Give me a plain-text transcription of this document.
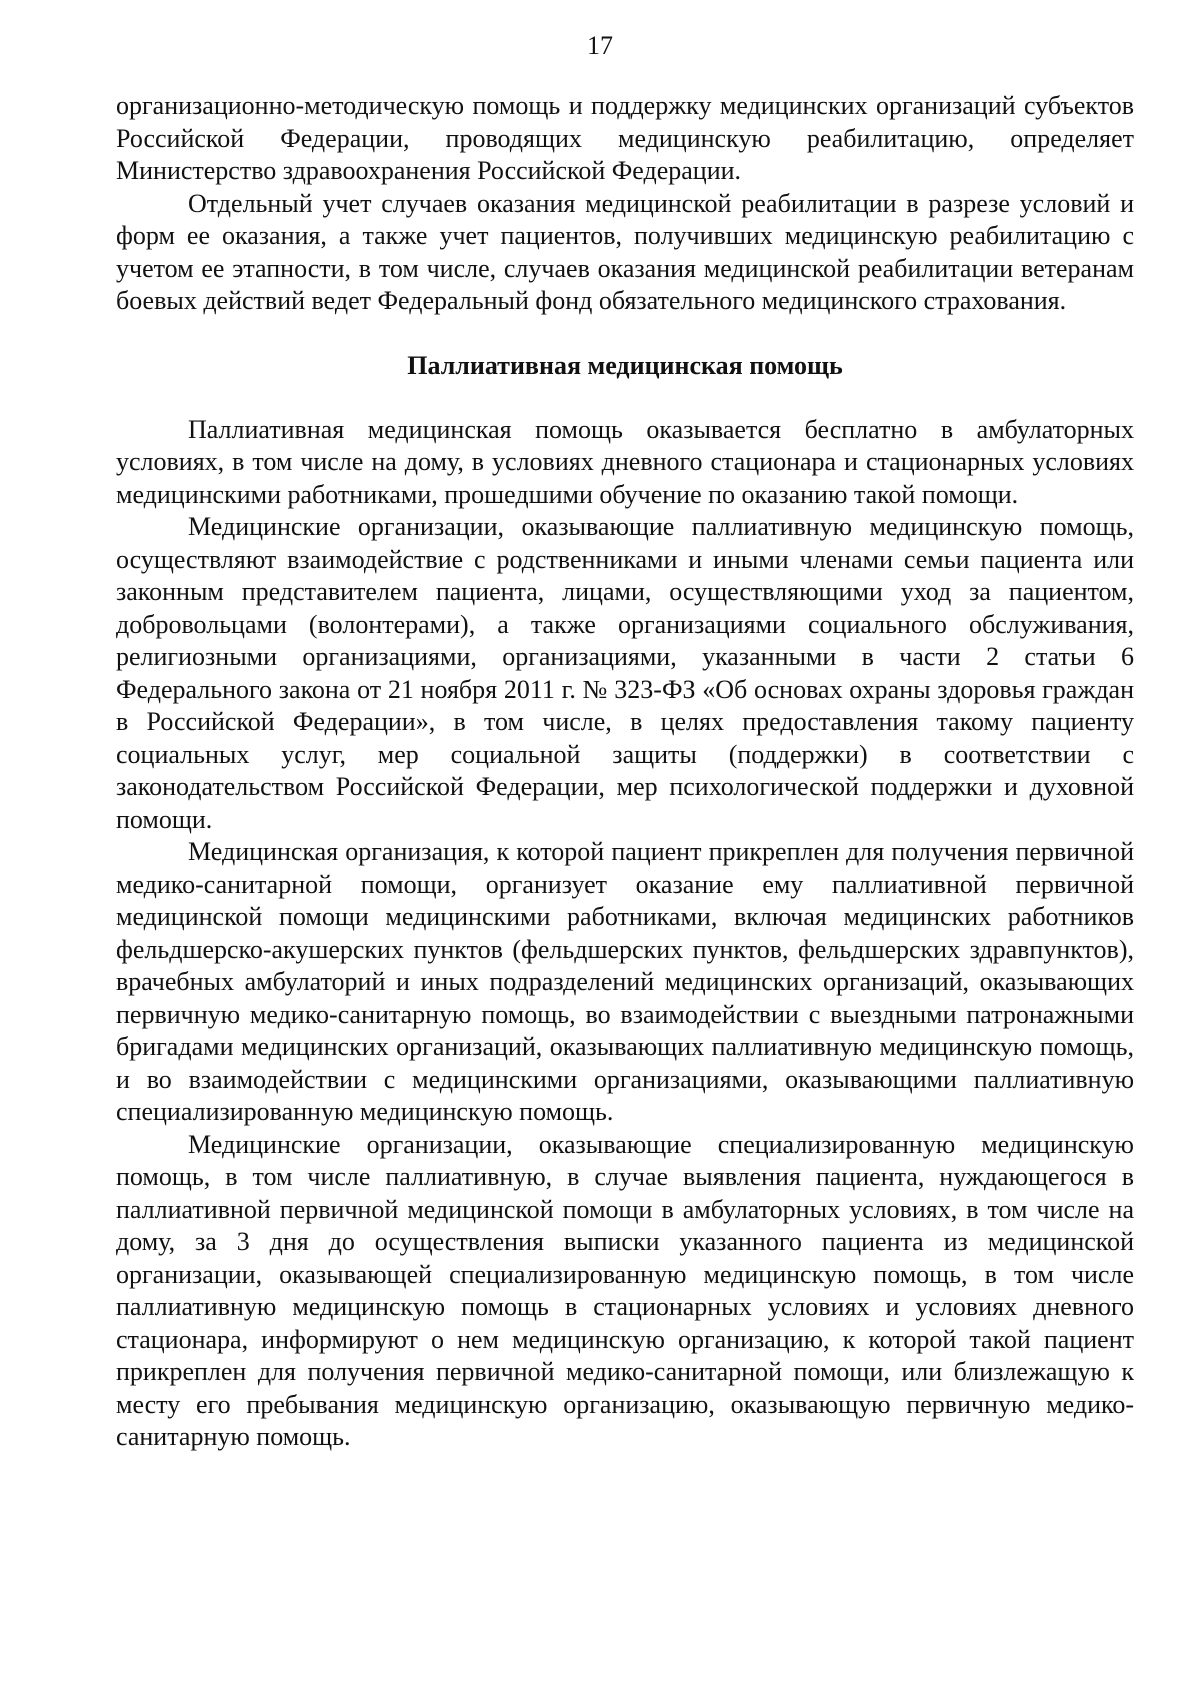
17

организационно-методическую помощь и поддержку медицинских организаций субъектов Российской Федерации, проводящих медицинскую реабилитацию, определяет Министерство здравоохранения Российской Федерации.

Отдельный учет случаев оказания медицинской реабилитации в разрезе условий и форм ее оказания, а также учет пациентов, получивших медицинскую реабилитацию с учетом ее этапности, в том числе, случаев оказания медицинской реабилитации ветеранам боевых действий ведет Федеральный фонд обязательного медицинского страхования.

Паллиативная медицинская помощь

Паллиативная медицинская помощь оказывается бесплатно в амбулаторных условиях, в том числе на дому, в условиях дневного стационара и стационарных условиях медицинскими работниками, прошедшими обучение по оказанию такой помощи.

Медицинские организации, оказывающие паллиативную медицинскую помощь, осуществляют взаимодействие с родственниками и иными членами семьи пациента или законным представителем пациента, лицами, осуществляющими уход за пациентом, добровольцами (волонтерами), а также организациями социального обслуживания, религиозными организациями, организациями, указанными в части 2 статьи 6 Федерального закона от 21 ноября 2011 г. № 323-ФЗ «Об основах охраны здоровья граждан в Российской Федерации», в том числе, в целях предоставления такому пациенту социальных услуг, мер социальной защиты (поддержки) в соответствии с законодательством Российской Федерации, мер психологической поддержки и духовной помощи.

Медицинская организация, к которой пациент прикреплен для получения первичной медико-санитарной помощи, организует оказание ему паллиативной первичной медицинской помощи медицинскими работниками, включая медицинских работников фельдшерско-акушерских пунктов (фельдшерских пунктов, фельдшерских здравпунктов), врачебных амбулаторий и иных подразделений медицинских организаций, оказывающих первичную медико-санитарную помощь, во взаимодействии с выездными патронажными бригадами медицинских организаций, оказывающих паллиативную медицинскую помощь, и во взаимодействии с медицинскими организациями, оказывающими паллиативную специализированную медицинскую помощь.

Медицинские организации, оказывающие специализированную медицинскую помощь, в том числе паллиативную, в случае выявления пациента, нуждающегося в паллиативной первичной медицинской помощи в амбулаторных условиях, в том числе на дому, за 3 дня до осуществления выписки указанного пациента из медицинской организации, оказывающей специализированную медицинскую помощь, в том числе паллиативную медицинскую помощь в стационарных условиях и условиях дневного стационара, информируют о нем медицинскую организацию, к которой такой пациент прикреплен для получения первичной медико-санитарной помощи, или близлежащую к месту его пребывания медицинскую организацию, оказывающую первичную медико-санитарную помощь.
